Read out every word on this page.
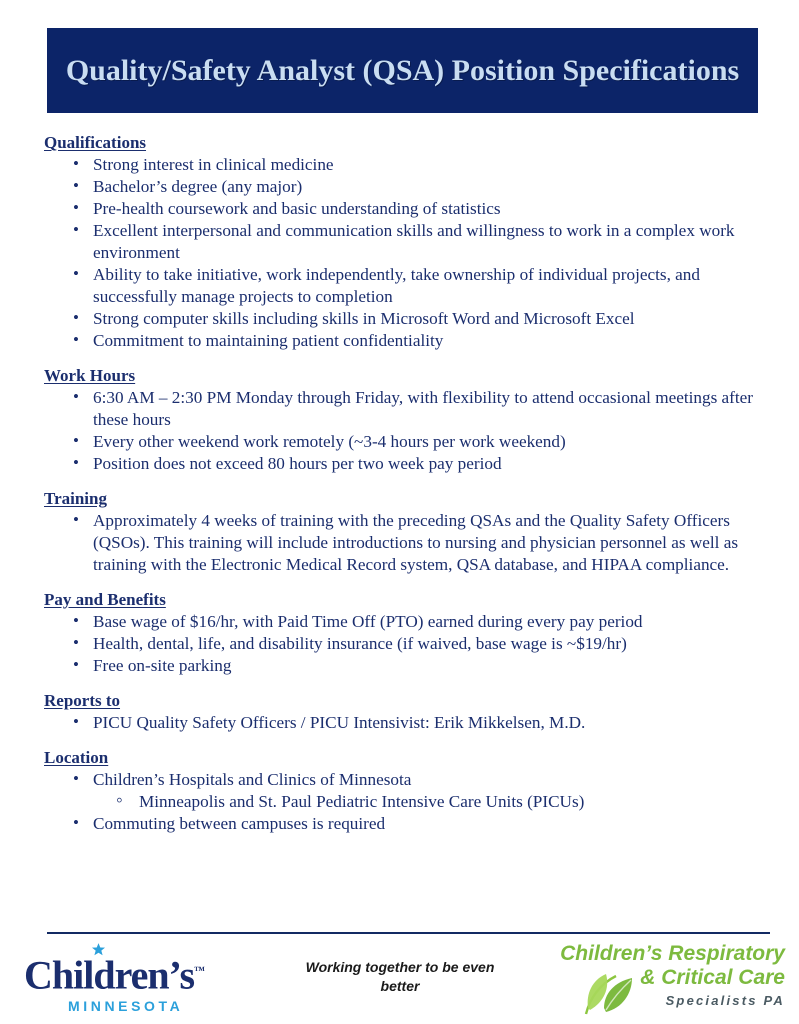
Quality/Safety Analyst (QSA) Position Specifications
Qualifications
• Strong interest in clinical medicine
• Bachelor’s degree (any major)
• Pre-health coursework and basic understanding of statistics
• Excellent interpersonal and communication skills and willingness to work in a complex work environment
• Ability to take initiative, work independently, take ownership of individual projects, and successfully manage projects to completion
• Strong computer skills including skills in Microsoft Word and Microsoft Excel
• Commitment to maintaining patient confidentiality
Work Hours
• 6:30 AM – 2:30 PM Monday through Friday, with flexibility to attend occasional meetings after these hours
• Every other weekend work remotely (~3-4 hours per work weekend)
• Position does not exceed 80 hours per two week pay period
Training
• Approximately 4 weeks of training with the preceding QSAs and the Quality Safety Officers (QSOs). This training will include introductions to nursing and physician personnel as well as training with the Electronic Medical Record system, QSA database, and HIPAA compliance.
Pay and Benefits
• Base wage of $16/hr, with Paid Time Off (PTO) earned during every pay period
• Health, dental, life, and disability insurance (if waived, base wage is ~$19/hr)
• Free on-site parking
Reports to
• PICU Quality Safety Officers / PICU Intensivist: Erik Mikkelsen, M.D.
Location
• Children’s Hospitals and Clinics of Minnesota
◦ Minneapolis and St. Paul Pediatric Intensive Care Units (PICUs)
• Commuting between campuses is required
Children’s™
MINNESOTA
Working together to be even better
Children’s Respiratory
& Critical Care
Specialists PA
